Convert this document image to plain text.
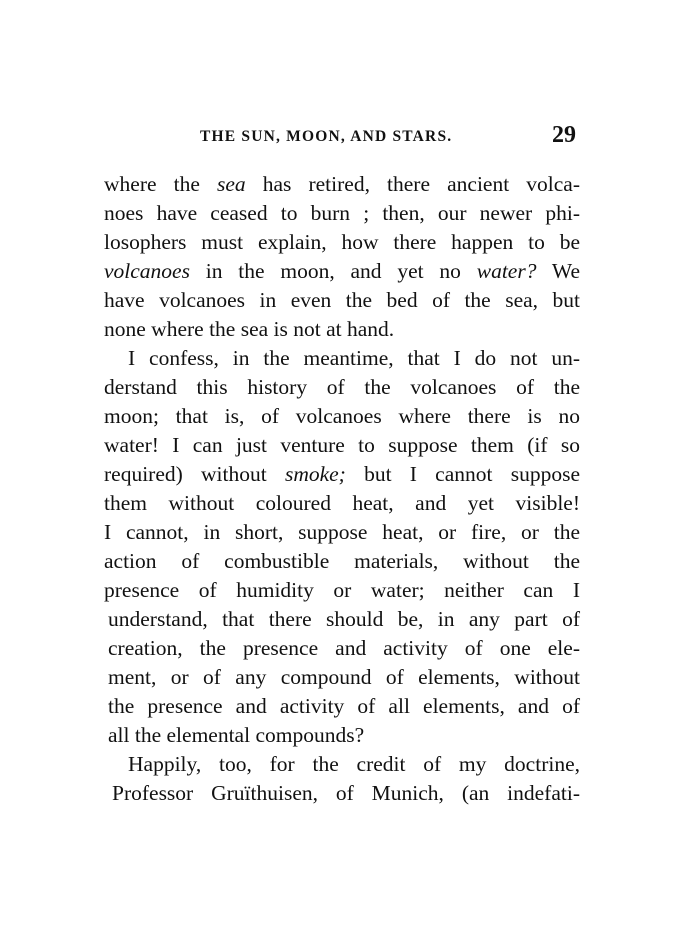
THE SUN, MOON, AND STARS.	29
where the sea has retired, there ancient volca-
noes have ceased to burn ; then, our newer phi-
losophers must explain, how there happen to be
volcanoes in the moon, and yet no water? We
have volcanoes in even the bed of the sea, but
none where the sea is not at hand.
I confess, in the meantime, that I do not un-
derstand this history of the volcanoes of the
moon; that is, of volcanoes where there is no
water! I can just venture to suppose them (if so
required) without smoke; but I cannot suppose
them without coloured heat, and yet visible!
I cannot, in short, suppose heat, or fire, or the
action of combustible materials, without the
presence of humidity or water; neither can I
understand, that there should be, in any part of
creation, the presence and activity of one ele-
ment, or of any compound of elements, without
the presence and activity of all elements, and of
all the elemental compounds?
Happily, too, for the credit of my doctrine,
Professor Gruïthuisen, of Munich, (an indefati-
